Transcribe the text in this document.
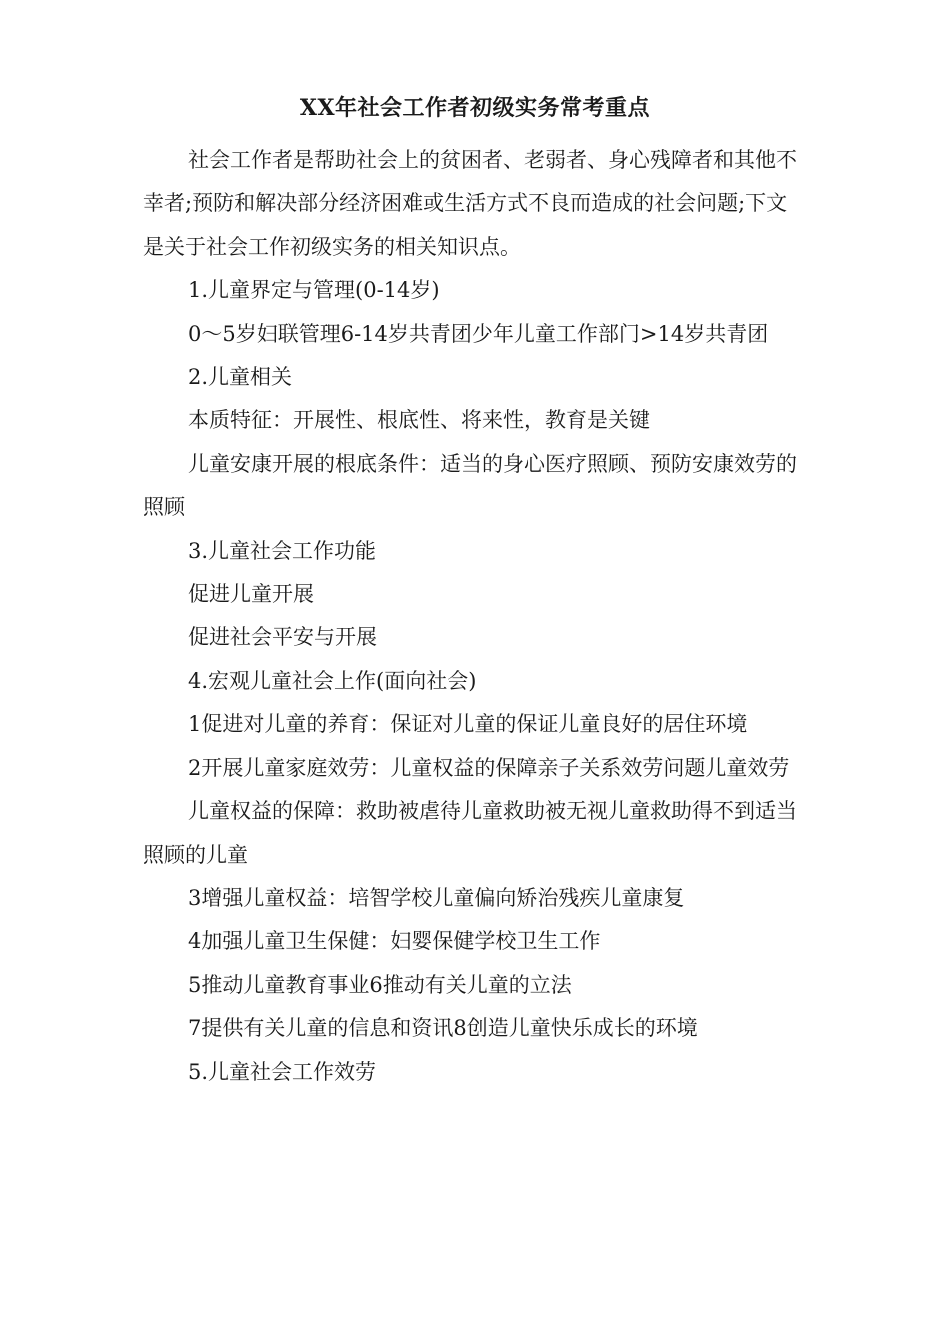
XX年社会工作者初级实务常考重点

社会工作者是帮助社会上的贫困者、老弱者、身心残障者和其他不幸者;预防和解决部分经济困难或生活方式不良而造成的社会问题;下文是关于社会工作初级实务的相关知识点。

1.儿童界定与管理(0-14岁)

0～5岁妇联管理6-14岁共青团少年儿童工作部门>14岁共青团

2.儿童相关

本质特征：开展性、根底性、将来性，教育是关键

儿童安康开展的根底条件：适当的身心医疗照顾、预防安康效劳的照顾

3.儿童社会工作功能

促进儿童开展

促进社会平安与开展

4.宏观儿童社会上作(面向社会)

1促进对儿童的养育：保证对儿童的保证儿童良好的居住环境

2开展儿童家庭效劳：儿童权益的保障亲子关系效劳问题儿童效劳

儿童权益的保障：救助被虐待儿童救助被无视儿童救助得不到适当照顾的儿童

3增强儿童权益：培智学校儿童偏向矫治残疾儿童康复

4加强儿童卫生保健：妇婴保健学校卫生工作

5推动儿童教育事业6推动有关儿童的立法

7提供有关儿童的信息和资讯8创造儿童快乐成长的环境

5.儿童社会工作效劳
